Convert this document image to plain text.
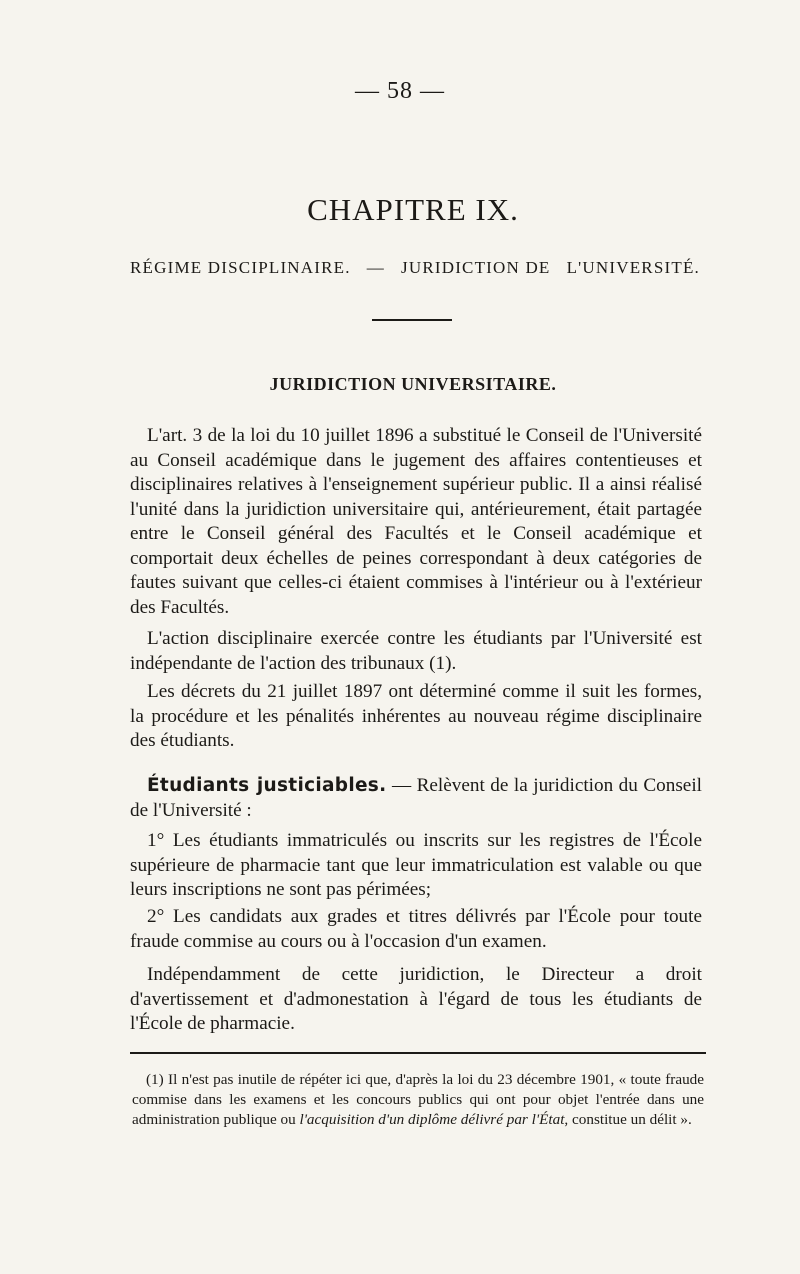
— 58 —
CHAPITRE IX.
RÉGIME DISCIPLINAIRE. — JURIDICTION DE L'UNIVERSITÉ.
JURIDICTION UNIVERSITAIRE.

L'art. 3 de la loi du 10 juillet 1896 a substitué le Conseil de l'Université au Conseil académique dans le jugement des affaires contentieuses et disciplinaires relatives à l'enseignement supérieur public. Il a ainsi réalisé l'unité dans la juridiction universitaire qui, antérieurement, était partagée entre le Conseil général des Facultés et le Conseil académique et comportait deux échelles de peines correspondant à deux catégories de fautes suivant que celles-ci étaient commises à l'intérieur ou à l'extérieur des Facultés.

L'action disciplinaire exercée contre les étudiants par l'Université est indépendante de l'action des tribunaux (1).

Les décrets du 21 juillet 1897 ont déterminé comme il suit les formes, la procédure et les pénalités inhérentes au nouveau régime disciplinaire des étudiants.

Étudiants justiciables. — Relèvent de la juridiction du Conseil de l'Université :

1° Les étudiants immatriculés ou inscrits sur les registres de l'École supérieure de pharmacie tant que leur immatriculation est valable ou que leurs inscriptions ne sont pas périmées;

2° Les candidats aux grades et titres délivrés par l'École pour toute fraude commise au cours ou à l'occasion d'un examen.

Indépendamment de cette juridiction, le Directeur a droit d'avertissement et d'admonestation à l'égard de tous les étudiants de l'École de pharmacie.

(1) Il n'est pas inutile de répéter ici que, d'après la loi du 23 décembre 1901, « toute fraude commise dans les examens et les concours publics qui ont pour objet l'entrée dans une administration publique ou l'acquisition d'un diplôme délivré par l'État, constitue un délit ».
